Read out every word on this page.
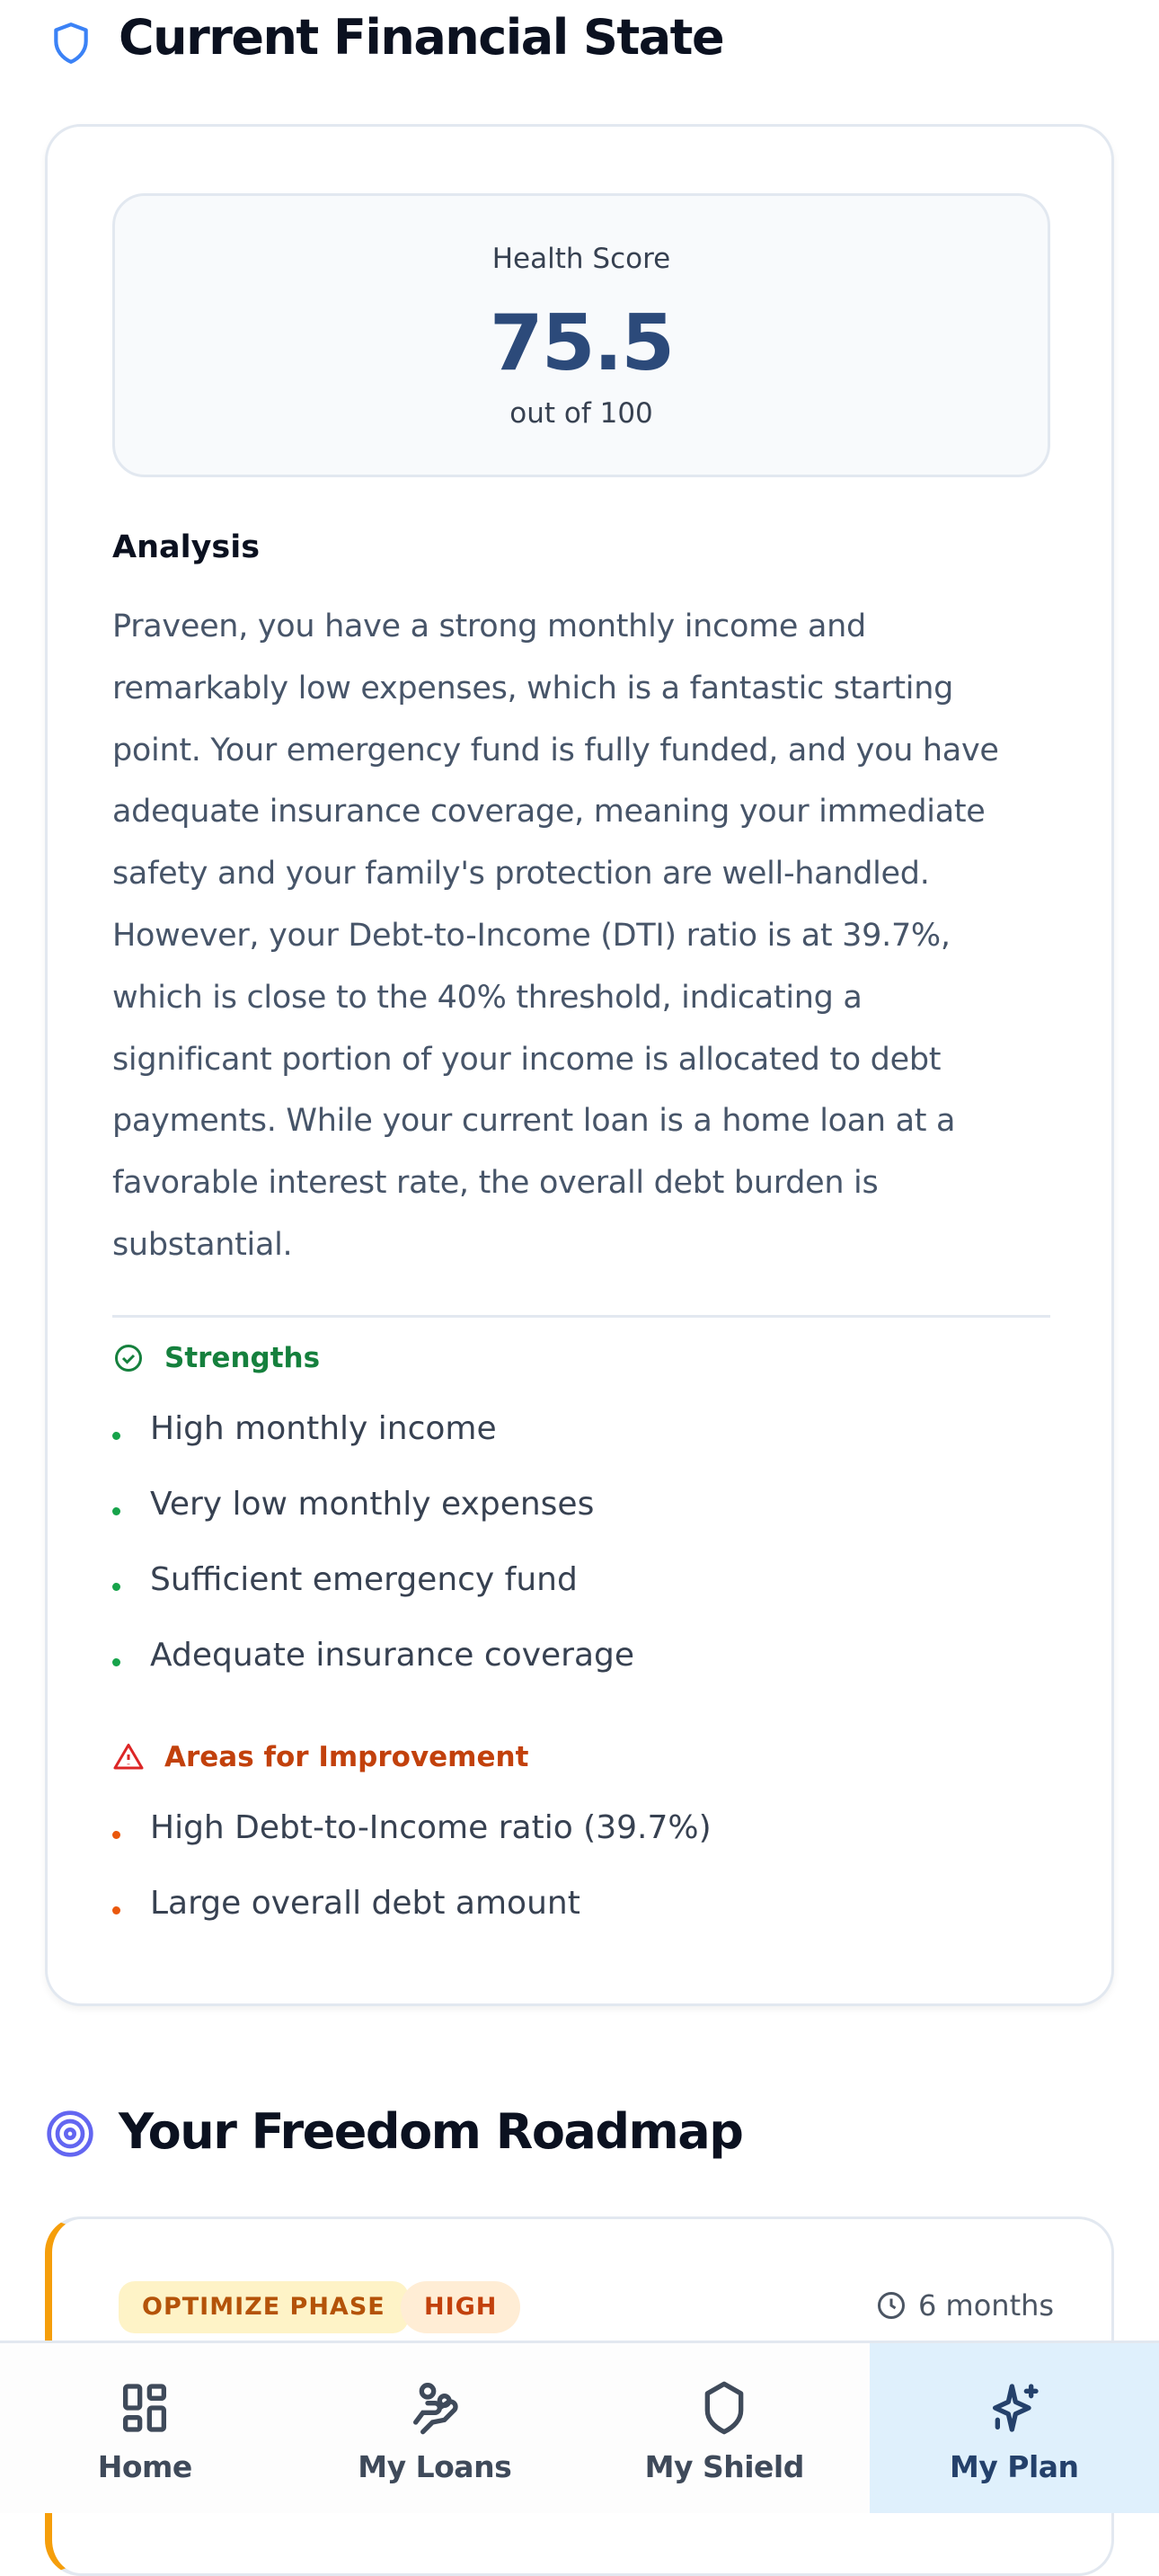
Current Financial State
Health Score
75.5
out of 100
Analysis
Praveen, you have a strong monthly income and
remarkably low expenses, which is a fantastic starting
point. Your emergency fund is fully funded, and you have
adequate insurance coverage, meaning your immediate
safety and your family's protection are well-handled.
However, your Debt-to-Income (DTI) ratio is at 39.7%,
which is close to the 40% threshold, indicating a
significant portion of your income is allocated to debt
payments. While your current loan is a home loan at a
favorable interest rate, the overall debt burden is
substantial.
Strengths
High monthly income
Very low monthly expenses
Sufficient emergency fund
Adequate insurance coverage
Areas for Improvement
High Debt-to-Income ratio (39.7%)
Large overall debt amount
Your Freedom Roadmap
OPTIMIZE PHASE	HIGH	6 months
Home	My Loans	My Shield	My Plan
